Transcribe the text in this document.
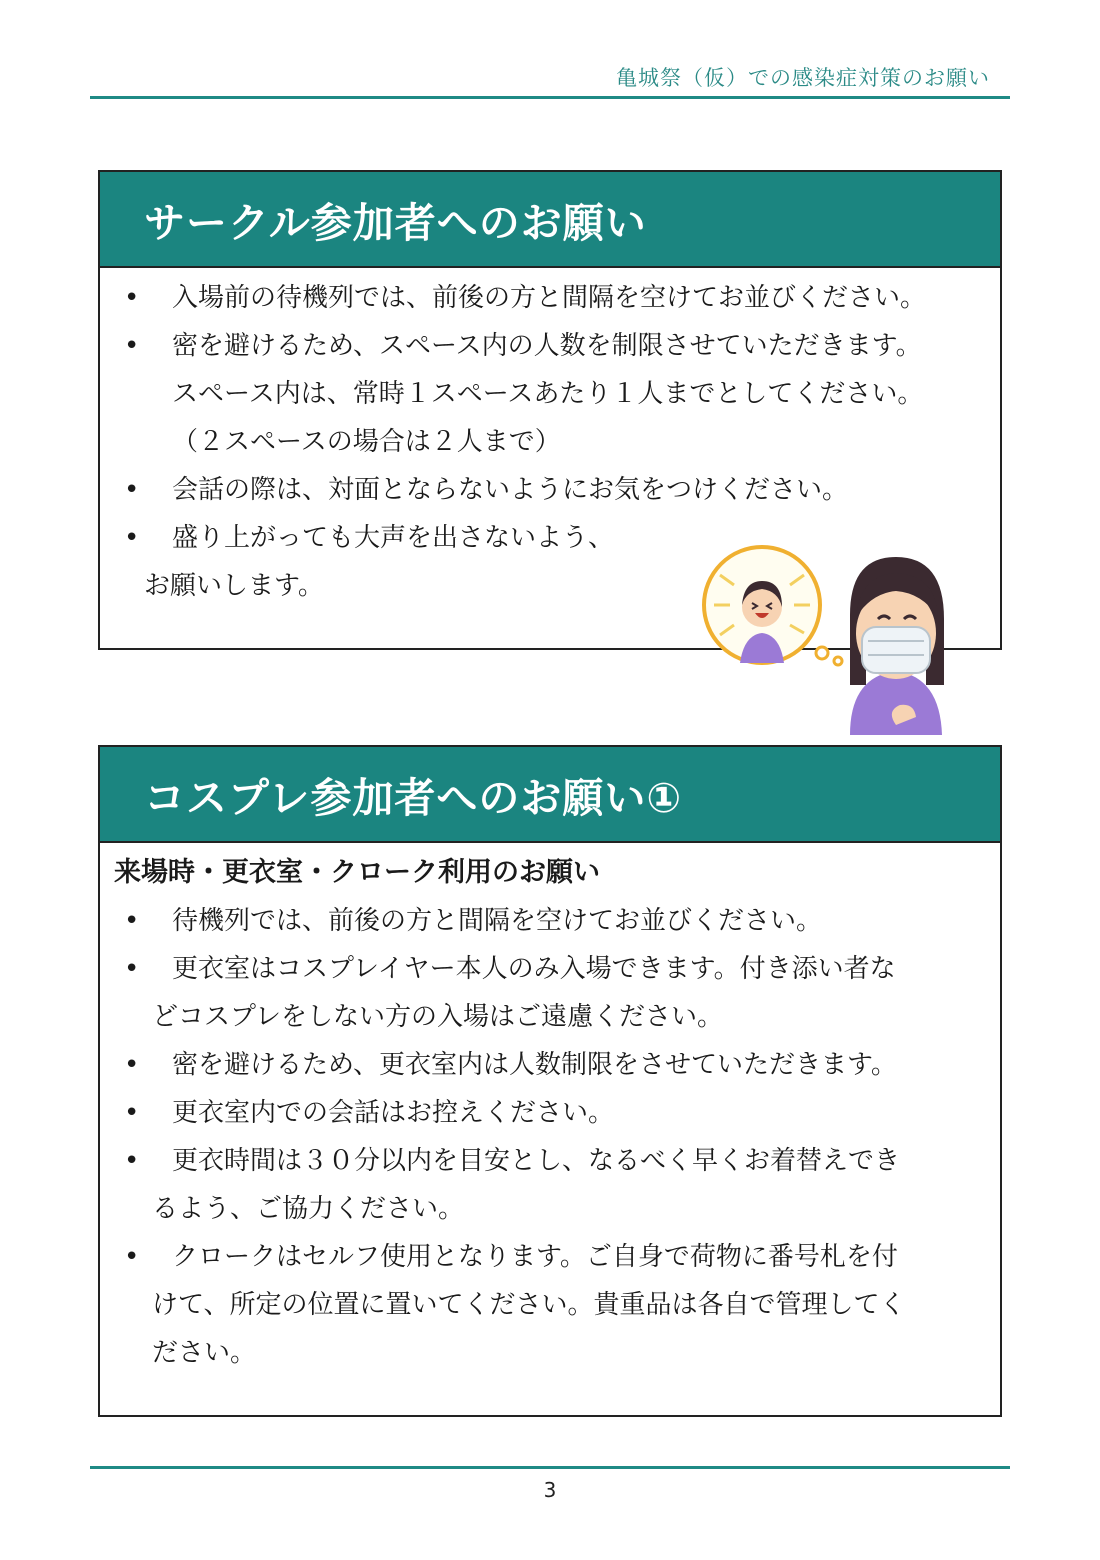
亀城祭（仮）での感染症対策のお願い
サークル参加者へのお願い
• 入場前の待機列では、前後の方と間隔を空けてお並びください。
• 密を避けるため、スペース内の人数を制限させていただきます。
スペース内は、常時１スペースあたり１人までとしてください。
（２スペースの場合は２人まで）
• 会話の際は、対面とならないようにお気をつけください。
• 盛り上がっても大声を出さないよう、
お願いします。
コスプレ参加者へのお願い①
来場時・更衣室・クローク利用のお願い
•	待機列では、前後の方と間隔を空けてお並びください。
•	更衣室はコスプレイヤー本人のみ入場できます。付き添い者な
どコスプレをしない方の入場はご遠慮ください。
•	密を避けるため、更衣室内は人数制限をさせていただきます。
•	更衣室内での会話はお控えください。
•	更衣時間は３０分以内を目安とし、なるべく早くお着替えでき
るよう、ご協力ください。
•	クロークはセルフ使用となります。ご自身で荷物に番号札を付
けて、所定の位置に置いてください。貴重品は各自で管理してく
ださい。
3
